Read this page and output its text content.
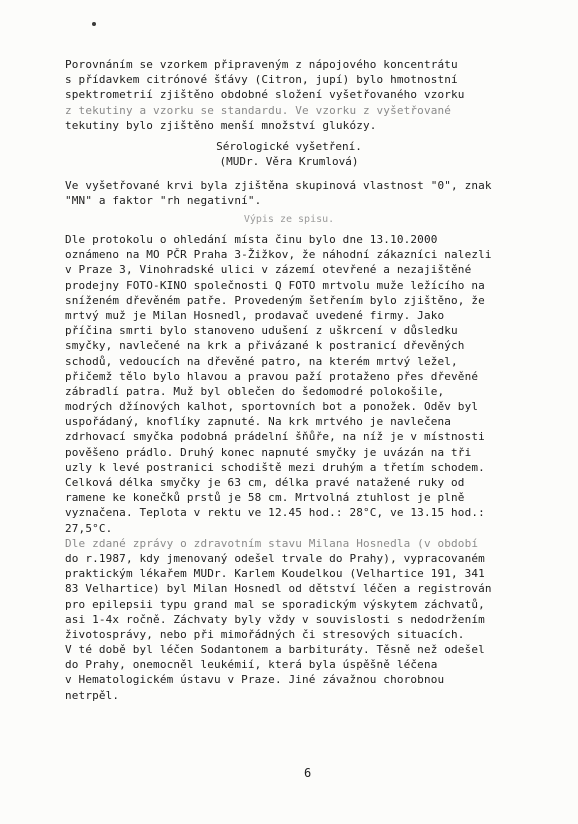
Porovnáním se vzorkem připraveným z nápojového koncentrátu
s přídavkem citrónové šťávy (Citron, jupí) bylo hmotnostní
spektrometrií zjištěno obdobné složení vyšetřovaného vzorku
z tekutiny a vzorku se standardu. Ve vzorku z vyšetřované
tekutiny bylo zjištěno menší množství glukózy.

Sérologické vyšetření.

(MUDr. Věra Krumlová)

Ve vyšetřované krvi byla zjištěna skupinová vlastnost "0", znak
"MN" a faktor "rh negativní".

Výpis ze spisu.

Dle protokolu o ohledání místa činu bylo dne 13.10.2000
oznámeno na MO PČR Praha 3-Žižkov, že náhodní zákazníci nalezli
v Praze 3, Vinohradské ulici v zázemí otevřené a nezajištěné
prodejny FOTO-KINO společnosti Q FOTO mrtvolu muže ležícího na
sníženém dřevěném patře. Provedeným šetřením bylo zjištěno, že
mrtvý muž je Milan Hosnedl, prodavač uvedené firmy. Jako
příčina smrti bylo stanoveno udušení z uškrcení v důsledku
smyčky, navlečené na krk a přivázané k postranicí dřevěných
schodů, vedoucích na dřevěné patro, na kterém mrtvý ležel,
přičemž tělo bylo hlavou a pravou paží protaženo přes dřevěné
zábradlí patra. Muž byl oblečen do šedomodré polokošile,
modrých džínových kalhot, sportovních bot a ponožek. Oděv byl
uspořádaný, knoflíky zapnuté. Na krk mrtvého je navlečena
zdrhovací smyčka podobná prádelní šňůře, na níž je v místnosti
pověšeno prádlo. Druhý konec napnuté smyčky je uvázán na tři
uzly k levé postranici schodiště mezi druhým a třetím schodem.
Celková délka smyčky je 63 cm, délka pravé natažené ruky od
ramene ke konečků prstů je 58 cm. Mrtvolná ztuhlost je plně
vyznačena. Teplota v rektu ve 12.45 hod.: 28°C, ve 13.15 hod.:
27,5°C.
Dle zdané zprávy o zdravotním stavu Milana Hosnedla (v období
do r.1987, kdy jmenovaný odešel trvale do Prahy), vypracovaném
praktickým lékařem MUDr. Karlem Koudelkou (Velhartice 191, 341
83 Velhartice) byl Milan Hosnedl od dětství léčen a registrován
pro epilepsii typu grand mal se sporadickým výskytem záchvatů,
asi 1-4x ročně. Záchvaty byly vždy v souvislosti s nedodržením
životosprávy, nebo při mimořádných či stresových situacích.
V té době byl léčen Sodantonem a barbituráty. Těsně než odešel
do Prahy, onemocněl leukémií, která byla úspěšně léčena
v Hematologickém ústavu v Praze. Jiné závažnou chorobnou
netrpěl.
6
